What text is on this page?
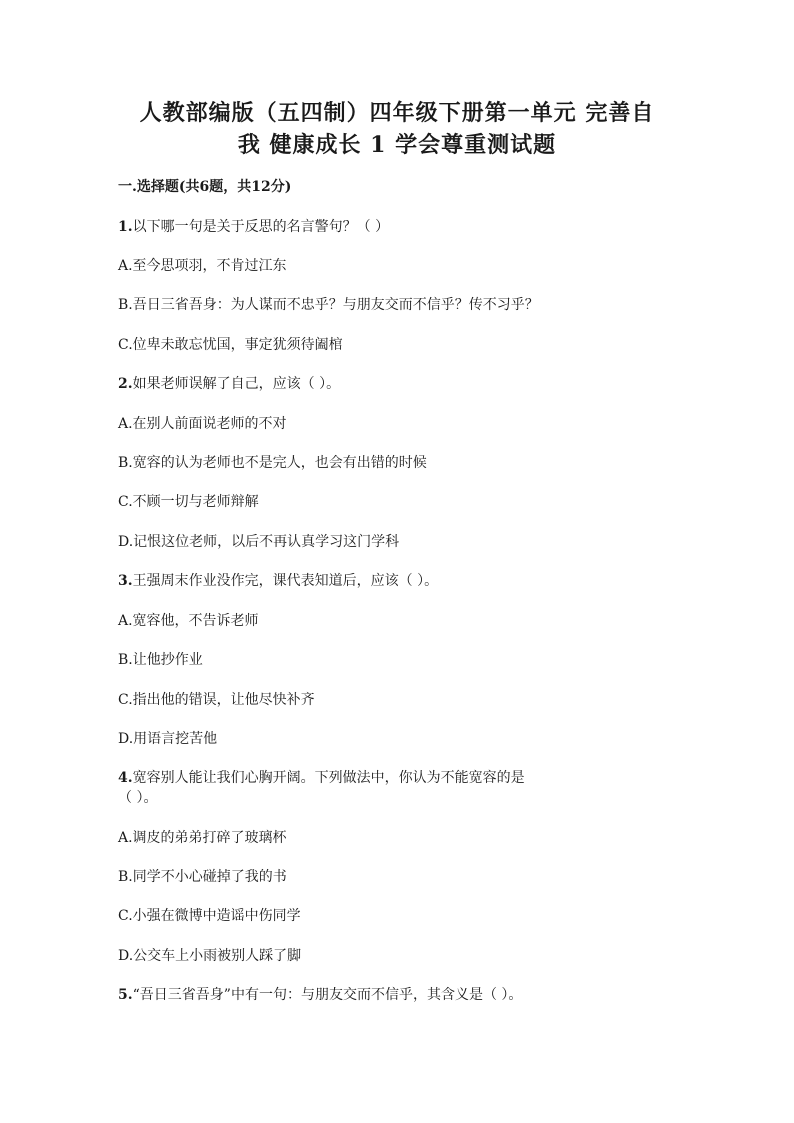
人教部编版（五四制）四年级下册第一单元 完善自
我 健康成长 1 学会尊重测试题
一.选择题(共6题，共12分)
1.以下哪一句是关于反思的名言警句？（ ）
A.至今思项羽，不肯过江东
B.吾日三省吾身：为人谋而不忠乎？与朋友交而不信乎？传不习乎？
C.位卑未敢忘忧国，事定犹须待阖棺
2.如果老师误解了自己，应该（ ）。
A.在别人前面说老师的不对
B.宽容的认为老师也不是完人，也会有出错的时候
C.不顾一切与老师辩解
D.记恨这位老师，以后不再认真学习这门学科
3.王强周末作业没作完，课代表知道后，应该（ ）。
A.宽容他，不告诉老师
B.让他抄作业
C.指出他的错误，让他尽快补齐
D.用语言挖苦他
4.宽容别人能让我们心胸开阔。下列做法中，你认为不能宽容的是
（ ）。
A.调皮的弟弟打碎了玻璃杯
B.同学不小心碰掉了我的书
C.小强在微博中造谣中伤同学
D.公交车上小雨被别人踩了脚
5.“吾日三省吾身”中有一句：与朋友交而不信乎，其含义是（ ）。
